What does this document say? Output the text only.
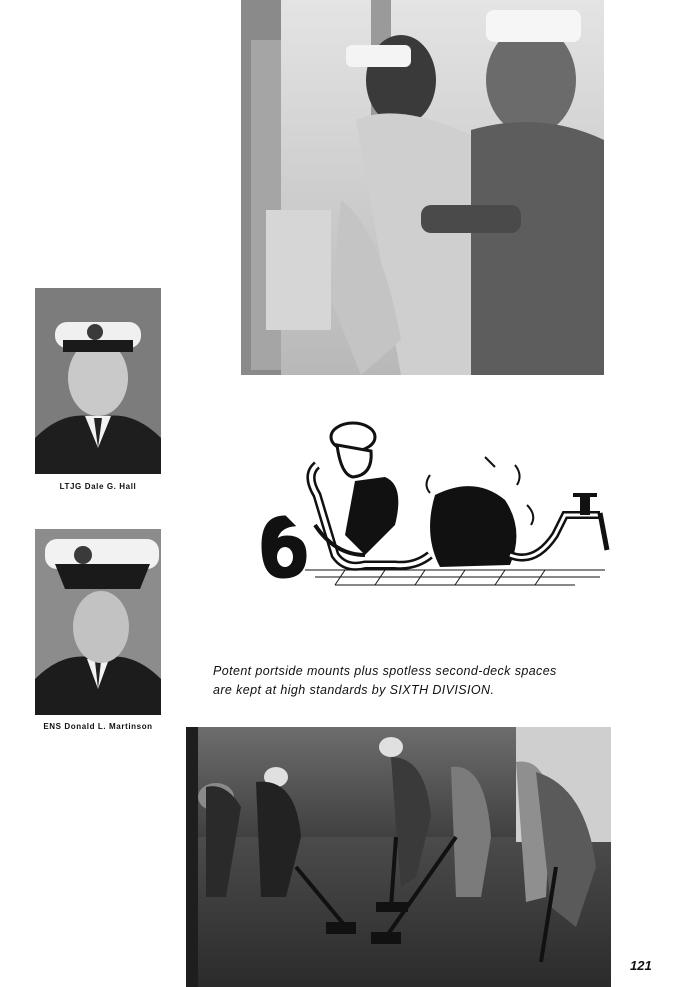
LTJG Dale G. Hall
ENS Donald L. Martinson
Potent portside mounts plus spotless second-deck spaces
are kept at high standards by SIXTH DIVISION.
121
